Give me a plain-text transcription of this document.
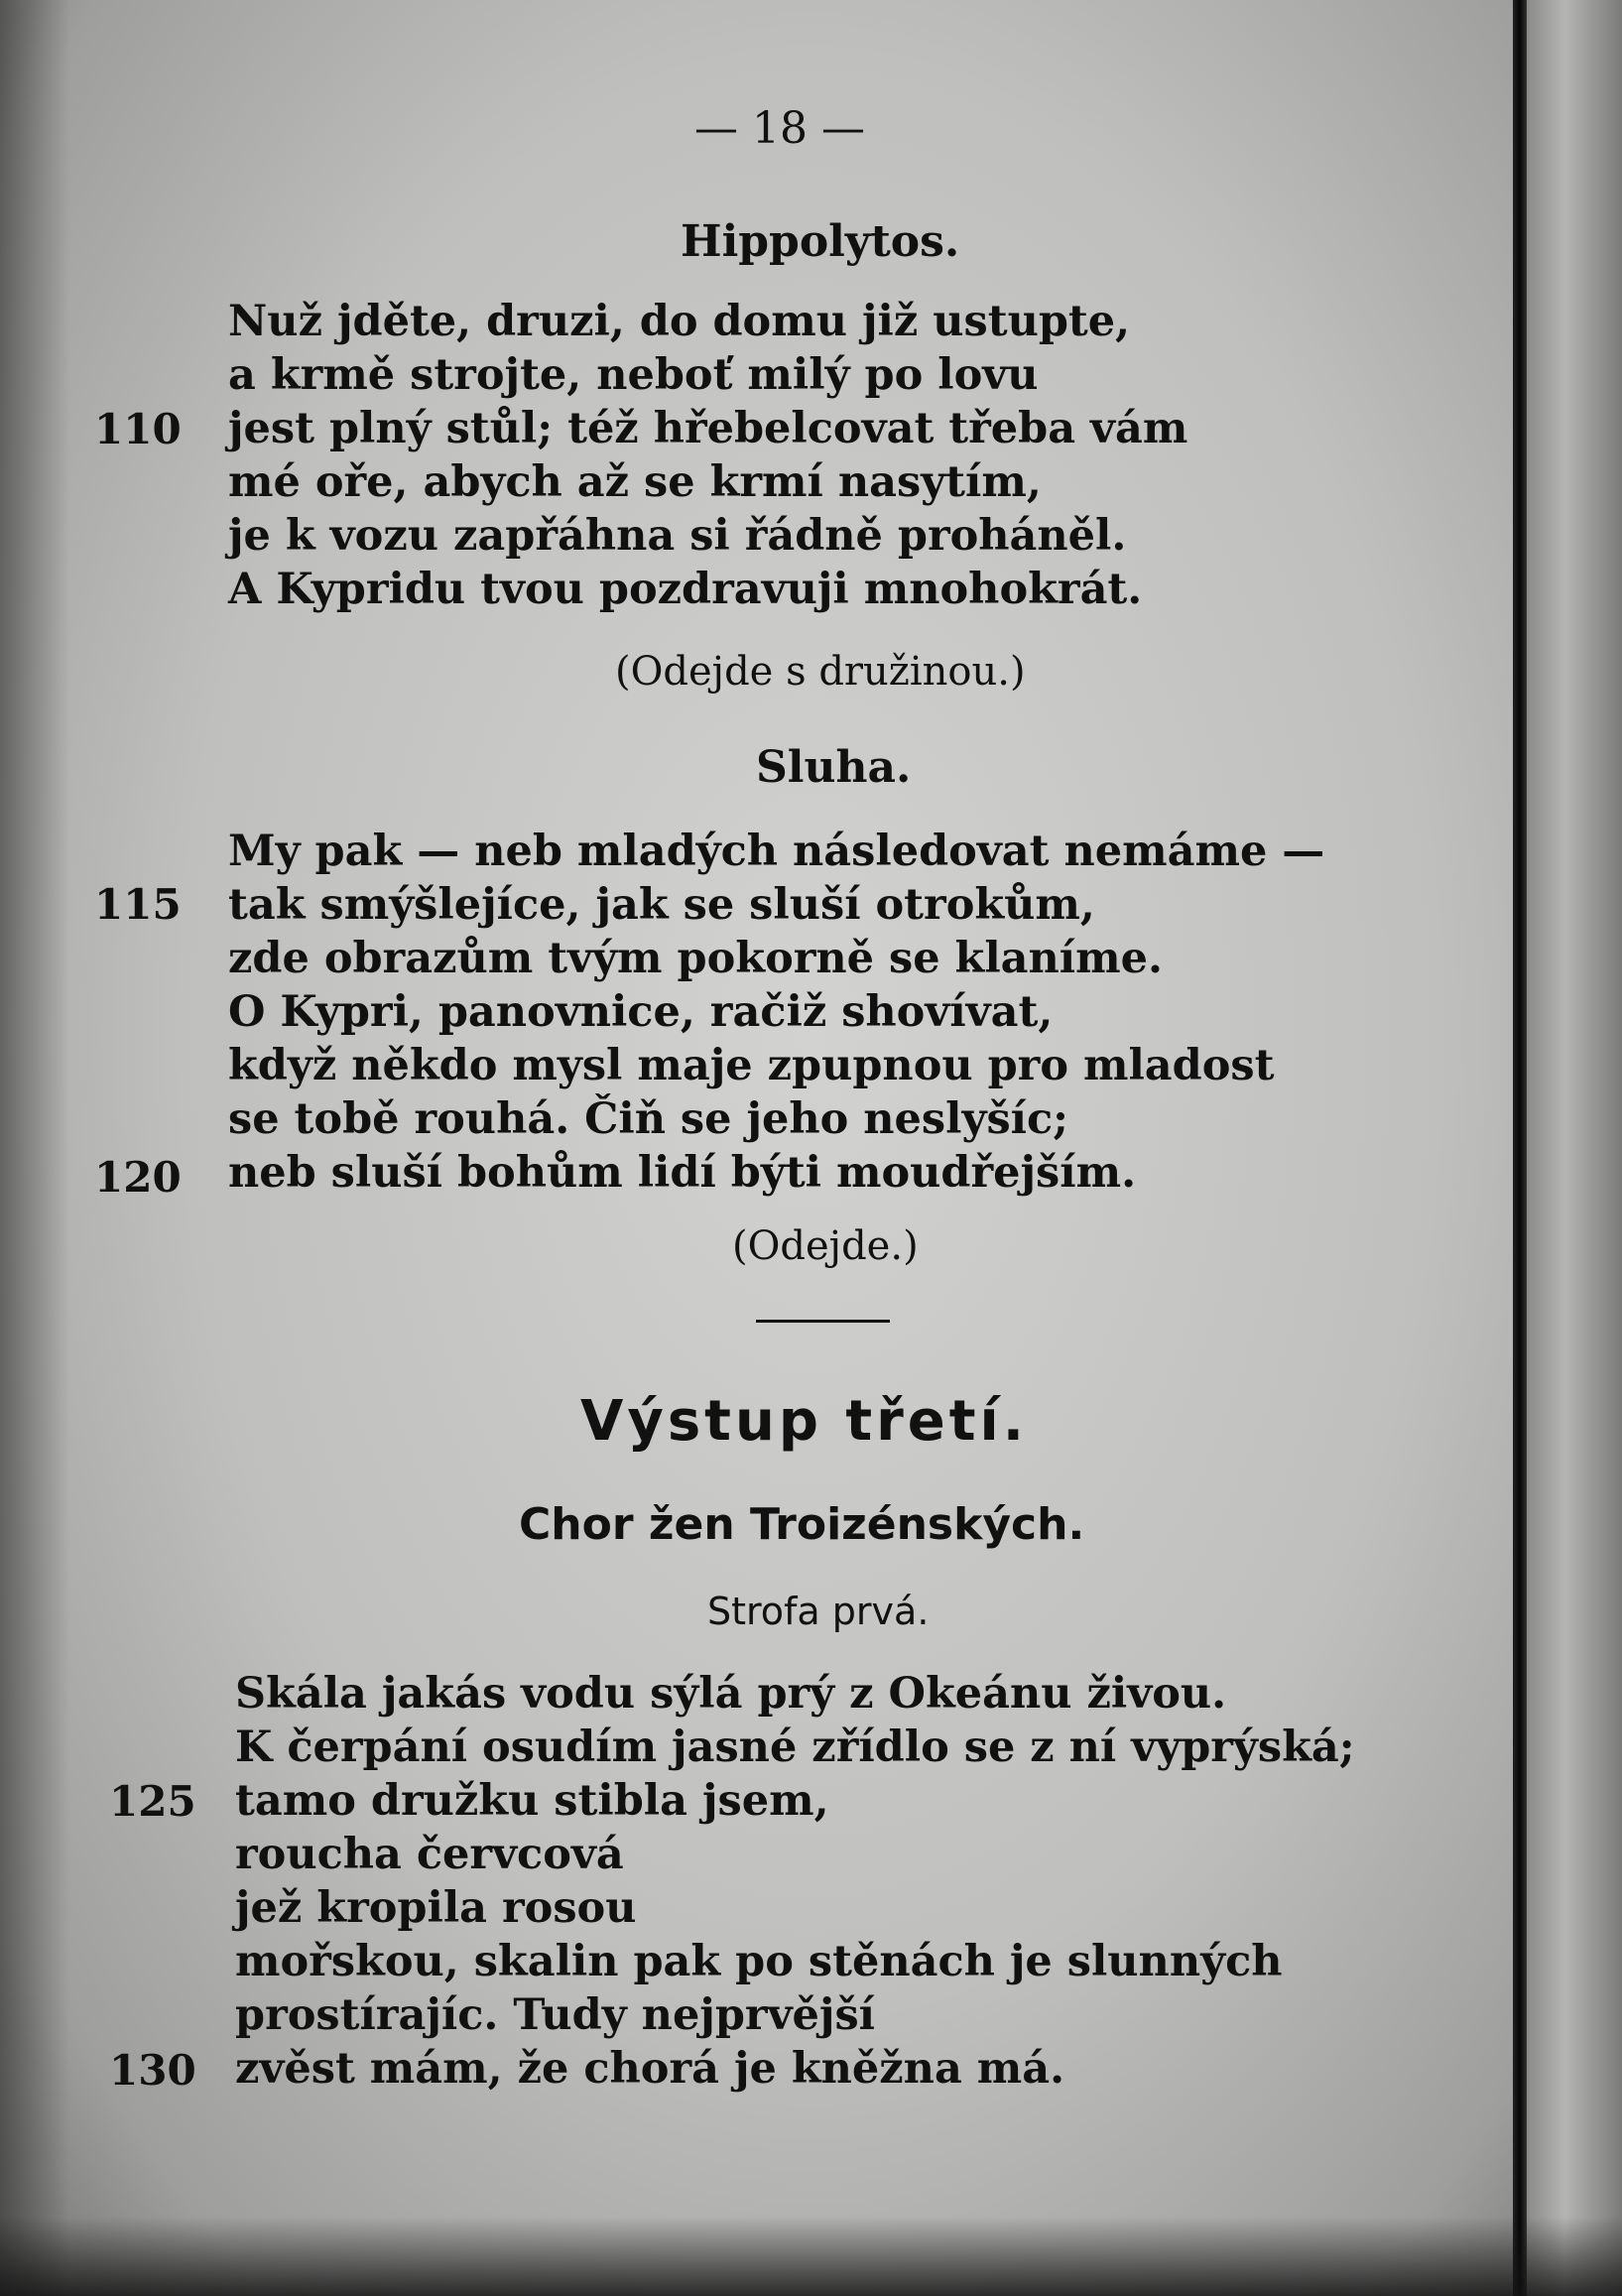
— 18 —
Hippolytos.
Nuž jděte, druzi, do domu již ustupte,
a krmě strojte, neboť milý po lovu
jest plný stůl; též hřebelcovat třeba vám
mé oře, abych až se krmí nasytím,
je k vozu zapřáhna si řádně proháněl.
A Kypridu tvou pozdravuji mnohokrát.
110
(Odejde s družinou.)
Sluha.
My pak — neb mladých následovat nemáme —
tak smýšlejíce, jak se sluší otrokům,
zde obrazům tvým pokorně se klaníme.
O Kypri, panovnice, račiž shovívat,
když někdo mysl maje zpupnou pro mladost
se tobě rouhá. Čiň se jeho neslyšíc;
neb sluší bohům lidí býti moudřejším.
115
120
(Odejde.)
Výstup třetí.
Chor žen Troizénských.
Strofa prvá.
Skála jakás vodu sýlá prý z Okeánu živou.
K čerpání osudím jasné zřídlo se z ní vyprýská;
tamo družku stibla jsem,
roucha červcová
jež kropila rosou
mořskou, skalin pak po stěnách je slunných
prostírajíc. Tudy nejprvější
zvěst mám, že chorá je kněžna má.
125
130
